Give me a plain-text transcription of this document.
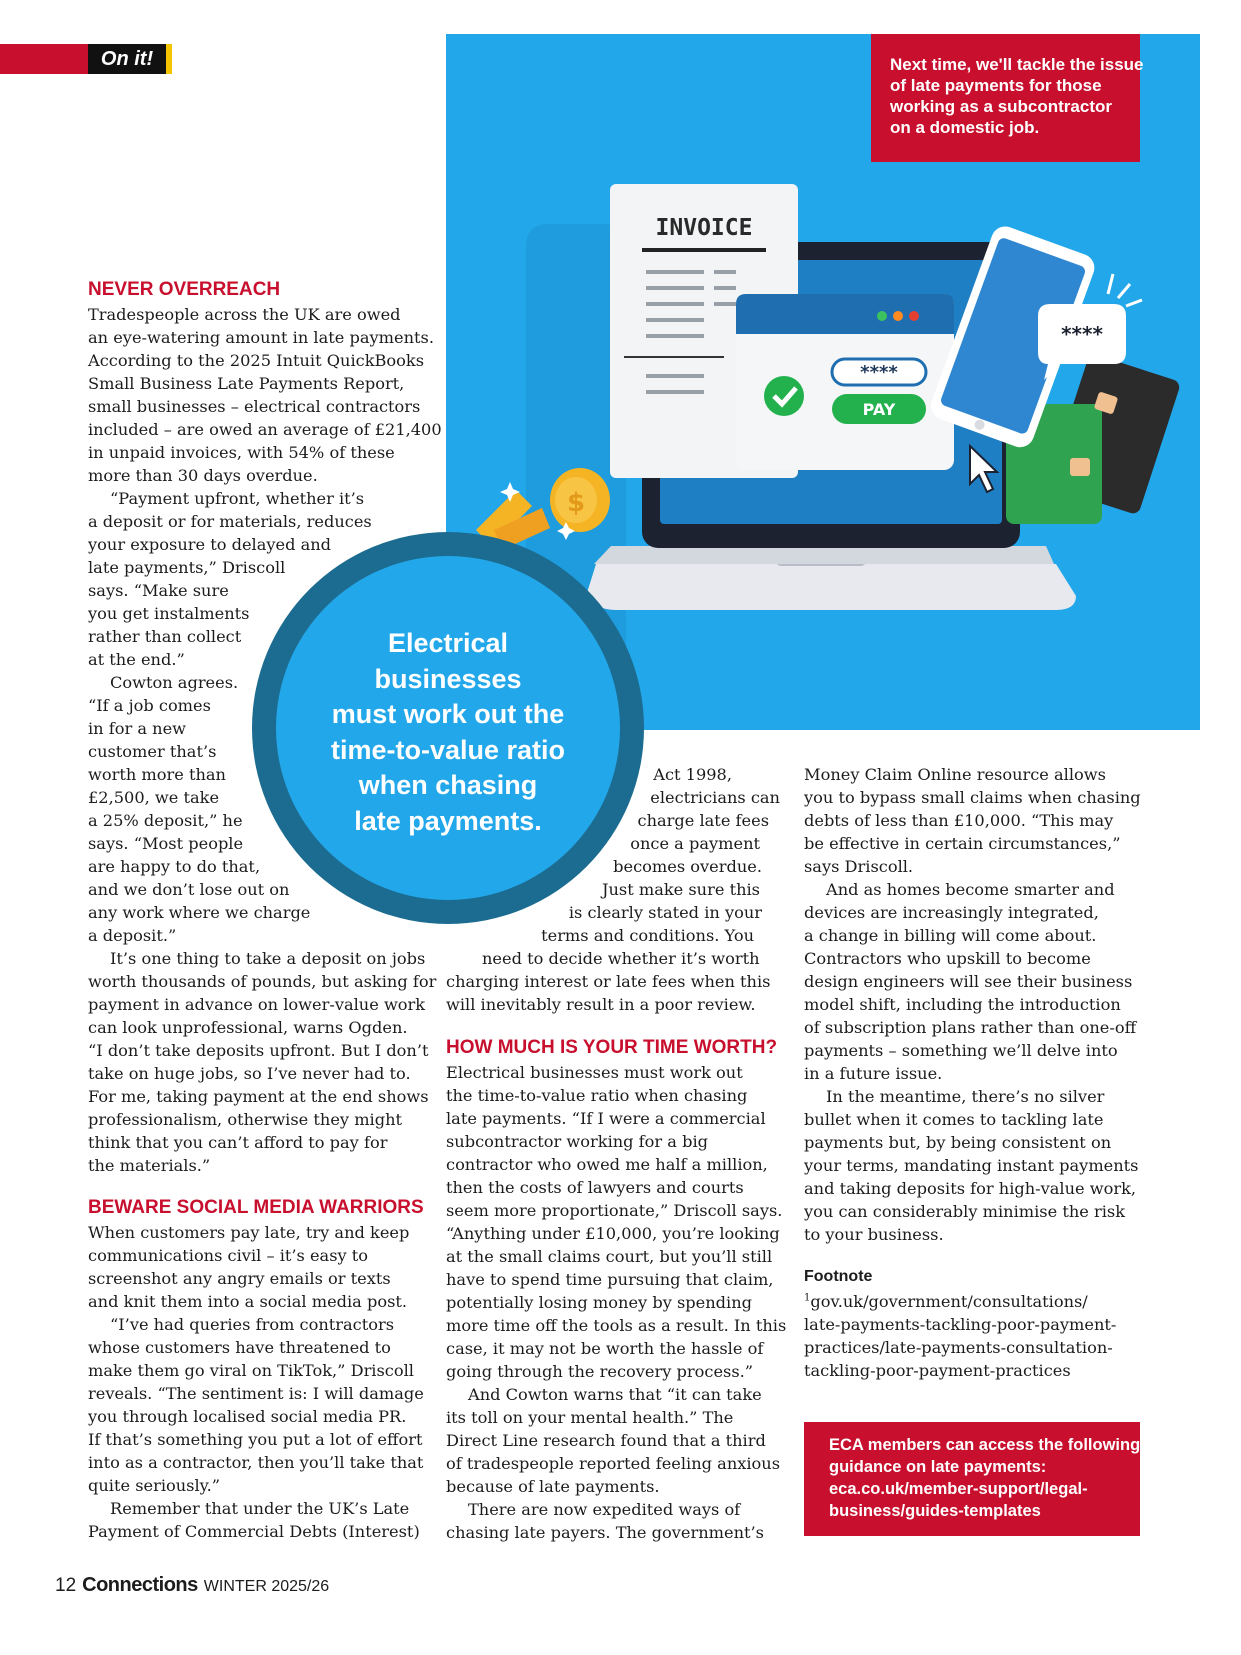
On it!
INVOICE
****
PAY
****
$
Next time, we'll tackle the issue
of late payments for those
working as a subcontractor
on a domestic job.
Electrical
businesses
must work out the
time-to-value ratio
when chasing
late payments.
NEVER OVERREACH
Tradespeople across the UK are owed
an eye-watering amount in late payments.
According to the 2025 Intuit QuickBooks
Small Business Late Payments Report,
small businesses – electrical contractors
included – are owed an average of £21,400
in unpaid invoices, with 54% of these
more than 30 days overdue.
“Payment upfront, whether it’s
a deposit or for materials, reduces
your exposure to delayed and
late payments,” Driscoll
says. “Make sure
you get instalments
rather than collect
at the end.”
Cowton agrees.
“If a job comes
in for a new
customer that’s
worth more than
£2,500, we take
a 25% deposit,” he
says. “Most people
are happy to do that,
and we don’t lose out on
any work where we charge
a deposit.”
It’s one thing to take a deposit on jobs
worth thousands of pounds, but asking for
payment in advance on lower-value work
can look unprofessional, warns Ogden.
“I don’t take deposits upfront. But I don’t
take on huge jobs, so I’ve never had to.
For me, taking payment at the end shows
professionalism, otherwise they might
think that you can’t afford to pay for
the materials.”
BEWARE SOCIAL MEDIA WARRIORS
When customers pay late, try and keep
communications civil – it’s easy to
screenshot any angry emails or texts
and knit them into a social media post.
“I’ve had queries from contractors
whose customers have threatened to
make them go viral on TikTok,” Driscoll
reveals. “The sentiment is: I will damage
you through localised social media PR.
If that’s something you put a lot of effort
into as a contractor, then you’ll take that
quite seriously.”
Remember that under the UK’s Late
Payment of Commercial Debts (Interest)
Act 1998,
electricians can
charge late fees
once a payment
becomes overdue.
Just make sure this
is clearly stated in your
terms and conditions. You
need to decide whether it’s worth
charging interest or late fees when this
will inevitably result in a poor review.
HOW MUCH IS YOUR TIME WORTH?
Electrical businesses must work out
the time-to-value ratio when chasing
late payments. “If I were a commercial
subcontractor working for a big
contractor who owed me half a million,
then the costs of lawyers and courts
seem more proportionate,” Driscoll says.
“Anything under £10,000, you’re looking
at the small claims court, but you’ll still
have to spend time pursuing that claim,
potentially losing money by spending
more time off the tools as a result. In this
case, it may not be worth the hassle of
going through the recovery process.”
And Cowton warns that “it can take
its toll on your mental health.” The
Direct Line research found that a third
of tradespeople reported feeling anxious
because of late payments.
There are now expedited ways of
chasing late payers. The government’s
Money Claim Online resource allows
you to bypass small claims when chasing
debts of less than £10,000. “This may
be effective in certain circumstances,”
says Driscoll.
And as homes become smarter and
devices are increasingly integrated,
a change in billing will come about.
Contractors who upskill to become
design engineers will see their business
model shift, including the introduction
of subscription plans rather than one-off
payments – something we’ll delve into
in a future issue.
In the meantime, there’s no silver
bullet when it comes to tackling late
payments but, by being consistent on
your terms, mandating instant payments
and taking deposits for high-value work,
you can considerably minimise the risk
to your business.
Footnote
$^1$gov.uk/government/consultations/
late-payments-tackling-poor-payment-
practices/late-payments-consultation-
tackling-poor-payment-practices
ECA members can access the following
guidance on late payments:
eca.co.uk/member-support/legal-
business/guides-templates
12 Connections WINTER 2025/26
